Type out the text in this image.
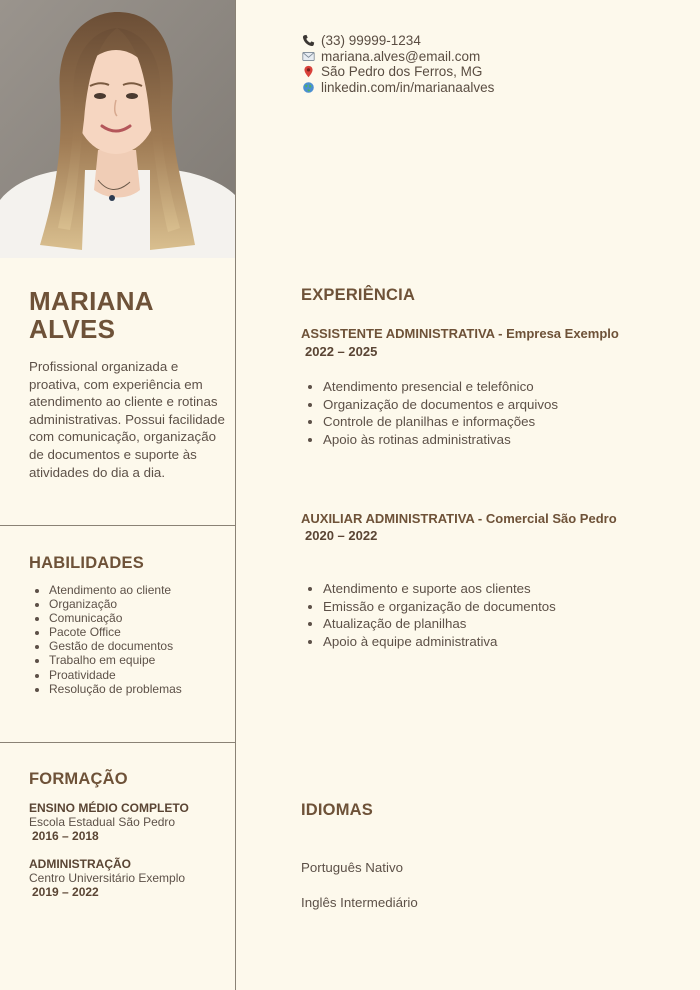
(33) 99999-1234
mariana.alves@email.com
São Pedro dos Ferros, MG
linkedin.com/in/marianaalves
MARIANA
ALVES
Profissional organizada e proativa, com experiência em atendimento ao cliente e rotinas administrativas. Possui facilidade com comunicação, organização de documentos e suporte às atividades do dia a dia.
HABILIDADES
• Atendimento ao cliente
• Organização
• Comunicação
• Pacote Office
• Gestão de documentos
• Trabalho em equipe
• Proatividade
• Resolução de problemas
FORMAÇÃO
ENSINO MÉDIO COMPLETO
Escola Estadual São Pedro
2016 – 2018
ADMINISTRAÇÃO
Centro Universitário Exemplo
2019 – 2022
EXPERIÊNCIA
ASSISTENTE ADMINISTRATIVA - Empresa Exemplo
2022 – 2025
• Atendimento presencial e telefônico
• Organização de documentos e arquivos
• Controle de planilhas e informações
• Apoio às rotinas administrativas
AUXILIAR ADMINISTRATIVA - Comercial São Pedro
2020 – 2022
• Atendimento e suporte aos clientes
• Emissão e organização de documentos
• Atualização de planilhas
• Apoio à equipe administrativa
IDIOMAS
Português Nativo
Inglês Intermediário
